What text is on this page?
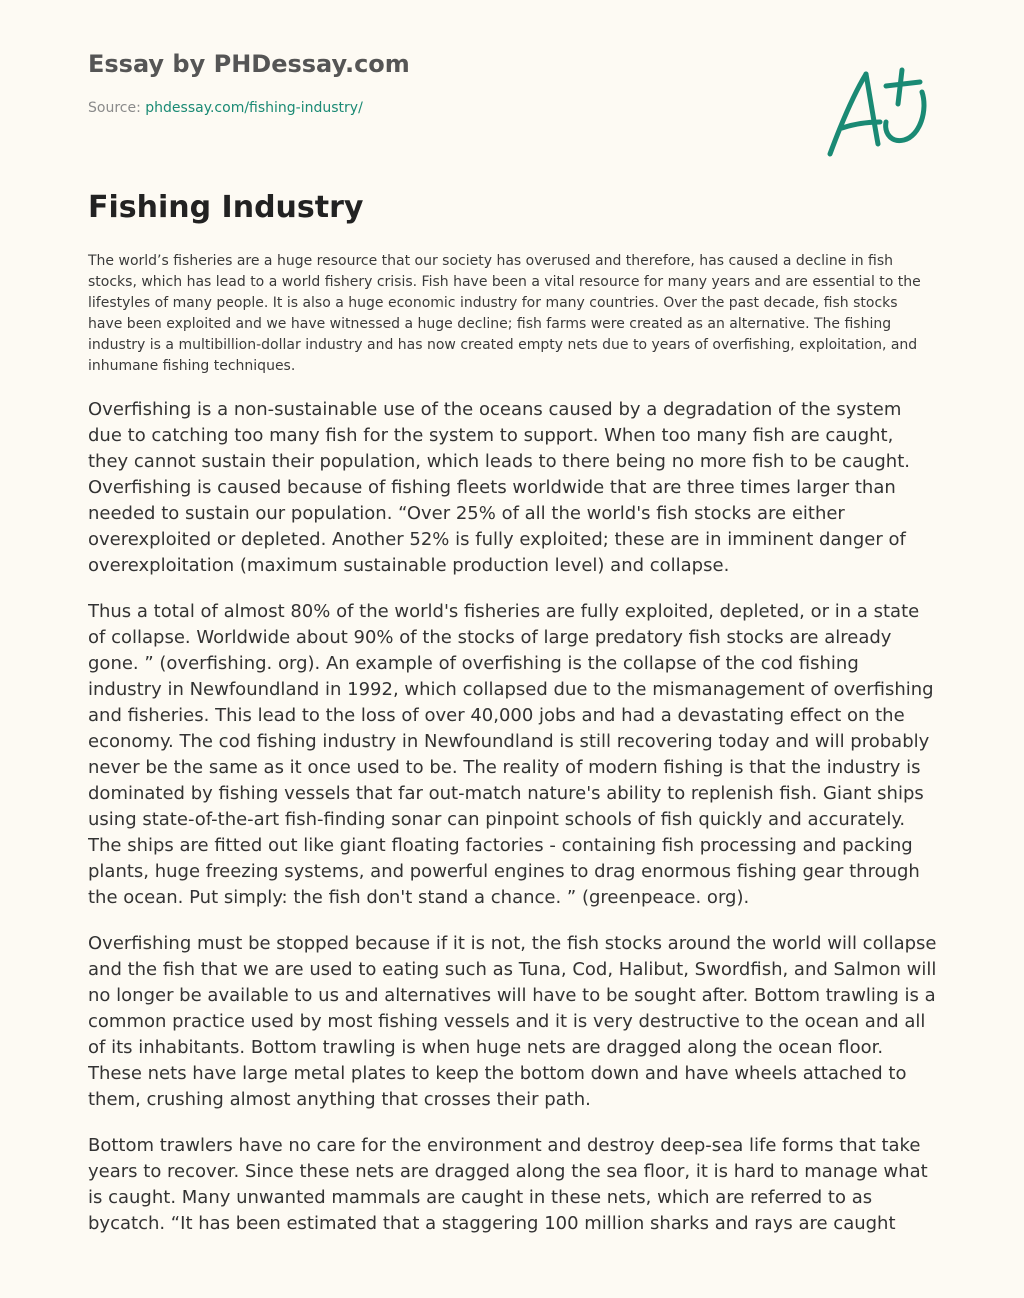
Essay by PHDessay.com
Source: phdessay.com/fishing-industry/
Fishing Industry

The world’s fisheries are a huge resource that our society has overused and therefore, has caused a decline in fish stocks, which has lead to a world fishery crisis. Fish have been a vital resource for many years and are essential to the lifestyles of many people. It is also a huge economic industry for many countries. Over the past decade, fish stocks have been exploited and we have witnessed a huge decline; fish farms were created as an alternative. The fishing industry is a multibillion-dollar industry and has now created empty nets due to years of overfishing, exploitation, and inhumane fishing techniques.

Overfishing is a non-sustainable use of the oceans caused by a degradation of the system due to catching too many fish for the system to support. When too many fish are caught, they cannot sustain their population, which leads to there being no more fish to be caught. Overfishing is caused because of fishing fleets worldwide that are three times larger than needed to sustain our population. “Over 25% of all the world's fish stocks are either overexploited or depleted. Another 52% is fully exploited; these are in imminent danger of overexploitation (maximum sustainable production level) and collapse.

Thus a total of almost 80% of the world's fisheries are fully exploited, depleted, or in a state of collapse. Worldwide about 90% of the stocks of large predatory fish stocks are already gone. ” (overfishing. org). An example of overfishing is the collapse of the cod fishing industry in Newfoundland in 1992, which collapsed due to the mismanagement of overfishing and fisheries. This lead to the loss of over 40,000 jobs and had a devastating effect on the economy. The cod fishing industry in Newfoundland is still recovering today and will probably never be the same as it once used to be. The reality of modern fishing is that the industry is dominated by fishing vessels that far out-match nature's ability to replenish fish. Giant ships using state-of-the-art fish-finding sonar can pinpoint schools of fish quickly and accurately. The ships are fitted out like giant floating factories - containing fish processing and packing plants, huge freezing systems, and powerful engines to drag enormous fishing gear through the ocean. Put simply: the fish don't stand a chance. ” (greenpeace. org).

Overfishing must be stopped because if it is not, the fish stocks around the world will collapse and the fish that we are used to eating such as Tuna, Cod, Halibut, Swordfish, and Salmon will no longer be available to us and alternatives will have to be sought after. Bottom trawling is a common practice used by most fishing vessels and it is very destructive to the ocean and all of its inhabitants. Bottom trawling is when huge nets are dragged along the ocean floor. These nets have large metal plates to keep the bottom down and have wheels attached to them, crushing almost anything that crosses their path.

Bottom trawlers have no care for the environment and destroy deep-sea life forms that take years to recover. Since these nets are dragged along the sea floor, it is hard to manage what is caught. Many unwanted mammals are caught in these nets, which are referred to as bycatch. “It has been estimated that a staggering 100 million sharks and rays are caught
